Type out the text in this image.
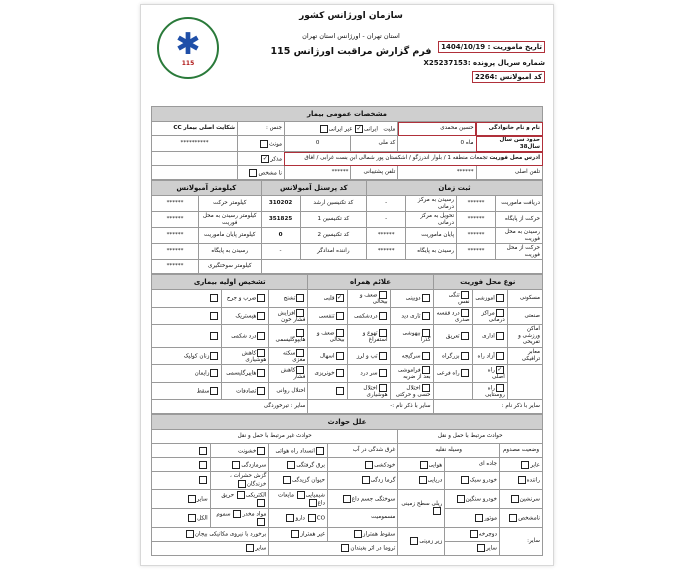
✱
115
سازمان اورژانس کشور
استان تهران - اورژانس استان تهران
فرم گزارش مراقبت اورژانس 115	تاریخ ماموریت : 1404/10/19
شماره سریال پرونده :X25237153
کد امبولانس :2264
مشخصات عمومی بیمار					
نام و نام خانوادگی	حسین محمدی	ملیت   ایرانی✓ غیر ایرانی		جنس :	شکایت اصلی بیمار CC
حدود سن سال سال38	ماه 0	کد ملی	0	مونث	**********
ادرس محل فوریت تجمعات منطقه 1 / بلوار اندرزگو / اشکستان پور شمالی ابن بست غرابی / افاق				مذکر✓	
تلفن اصلی	******	تلفن پشتیبانی	******	نا مشخص	
ثبت زمان				کد پرسنل آمبولانس		کیلومتر آمبولانس	
دریافت ماموریت	******	رسیدن به مرکز درمانی	-	کد تکنیسین ارشد	310202	کیلومتر حرکت	******
حرکت از پایگاه	******	تحویل به مرکز درمانی	-	کد تکنیسین 1	351825	کیلومتر رسیدن به محل فوریت	******
رسیدن به محل فوریت	******	پایان ماموریت	******	کد تکنیسین 2	0	کیلومتر پایان ماموریت	******
حرکت از محل فوریت	******	رسیدن به پایگاه	******	راننده امدادگر	-	رسیدن به پایگاه	******
						کیلومتر سوختگیری	******
نوع محل فوریت			علائم همراه			تشخیص اولیه بیماری		
مسکونی	اموزشی	تنگی نفس	دوبینی	ضعف و بیحالی	✓قلبی	تشنج	ضرب و جرح	
صنعتی	مراکز درمانی	درد قفسه صدری	تاری دید	دردشکمی	تنفسی	افزایش فشار خون	هیستریک	
اماکن ورزشی و تفریحی	اداری	تعریق	بیهوشی گذرا	تهوع و استفراغ	ضعف و بیحالی	هایپوگلیسمی	درد شکمی	
معابر ترافیکی	آزاد راه	بزرگراه	سرگیجه	تب و لرز	اسهال	سکته مغزی	کاهش هوشیاری	زنان کولیک
	✓راه اصلی	راه فرعی	فراموشی بعد از ضربه	سر درد	خونریزی	کاهش فشار	هایپرگلیسمی	زایمان
	راه روستایی		اختلال حسی و حرکتی	اختلال هوشیاری		اختلال روانی	تصادفات	سقط
سایر با ذکر نام :			سایر با ذکر نام :-			سایر : تیرخوردگی		
علل حوادث						
حوادث مرتبط با حمل و نقل			حوادث غیر مرتبط با حمل و نقل			
وضعیت مصدوم	وسیله نقلیه		غرق شدگی در آب	انسداد راه هوائی	خشونت	
عابر	جاده ای	هوایی	خودکشی	برق گرفتگی	سرمازدگی	
راننده	خودرو سبک	دریایی	گرما زدگی	حیوان گزیدگی	گزش حشرات ، خزندگان	
سرنشین	خودرو سنگین	ریلی سطح زمینی	سوختگی جسم داغ	شیمیایی مایعات داغ	الکتریکی حریق	سایر
نامشخص	موتور		مسمومیت	CO دارو	مواد مخدر سموم	الکل
سایر:	دوچرخه	زیر زمینی	سقوط همتراز	غیر همتراز	برخورد با نیروی مکانیکی بیجان	
	سایر		تروما در اثر بغبندان		سایر	
